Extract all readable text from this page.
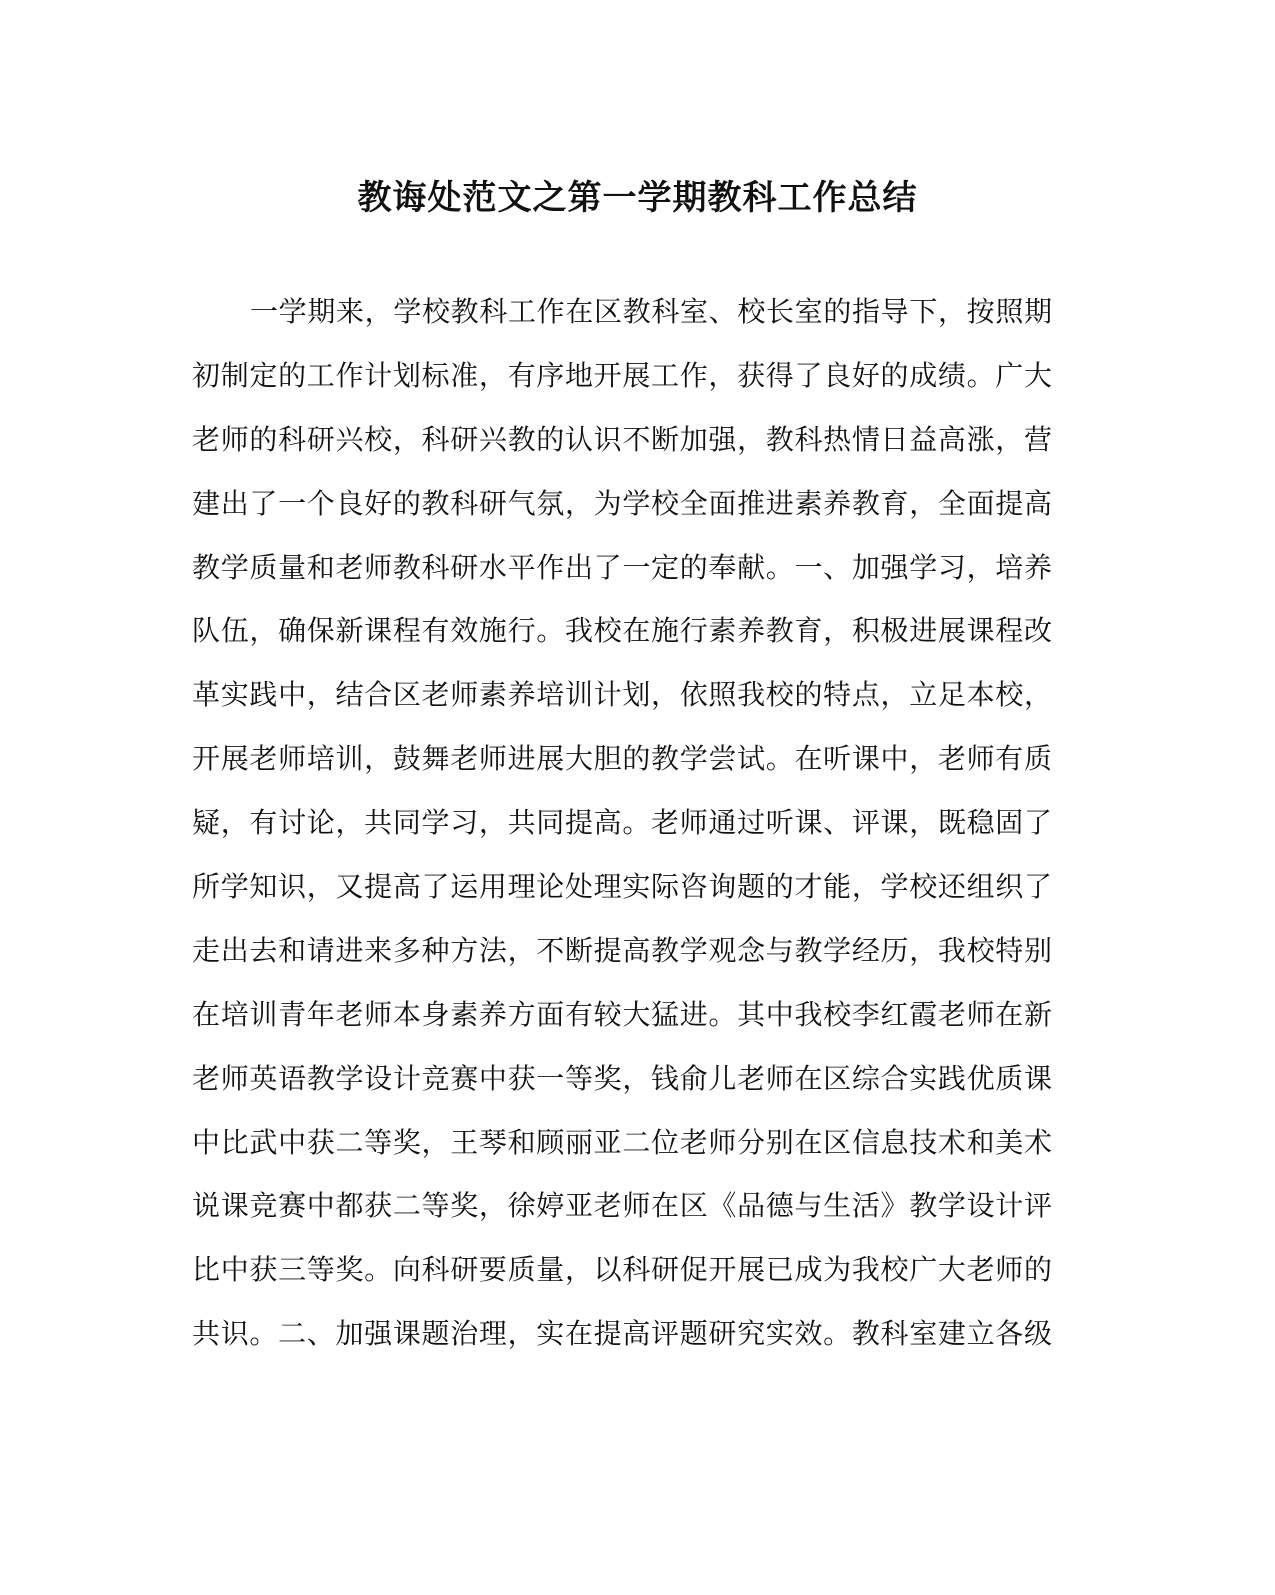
教诲处范文之第一学期教科工作总结
一学期来，学校教科工作在区教科室、校长室的指导下，按照期
初制定的工作计划标准，有序地开展工作，获得了良好的成绩。广大
老师的科研兴校，科研兴教的认识不断加强，教科热情日益高涨，营
建出了一个良好的教科研气氛，为学校全面推进素养教育，全面提高
教学质量和老师教科研水平作出了一定的奉献。一、加强学习，培养
队伍，确保新课程有效施行。我校在施行素养教育，积极进展课程改
革实践中，结合区老师素养培训计划，依照我校的特点，立足本校，
开展老师培训，鼓舞老师进展大胆的教学尝试。在听课中，老师有质
疑，有讨论，共同学习，共同提高。老师通过听课、评课，既稳固了
所学知识，又提高了运用理论处理实际咨询题的才能，学校还组织了
走出去和请进来多种方法，不断提高教学观念与教学经历，我校特别
在培训青年老师本身素养方面有较大猛进。其中我校李红霞老师在新
老师英语教学设计竞赛中获一等奖，钱俞儿老师在区综合实践优质课
中比武中获二等奖，王琴和顾丽亚二位老师分别在区信息技术和美术
说课竞赛中都获二等奖，徐婷亚老师在区《品德与生活》教学设计评
比中获三等奖。向科研要质量，以科研促开展已成为我校广大老师的
共识。二、加强课题治理，实在提高评题研究实效。教科室建立各级
